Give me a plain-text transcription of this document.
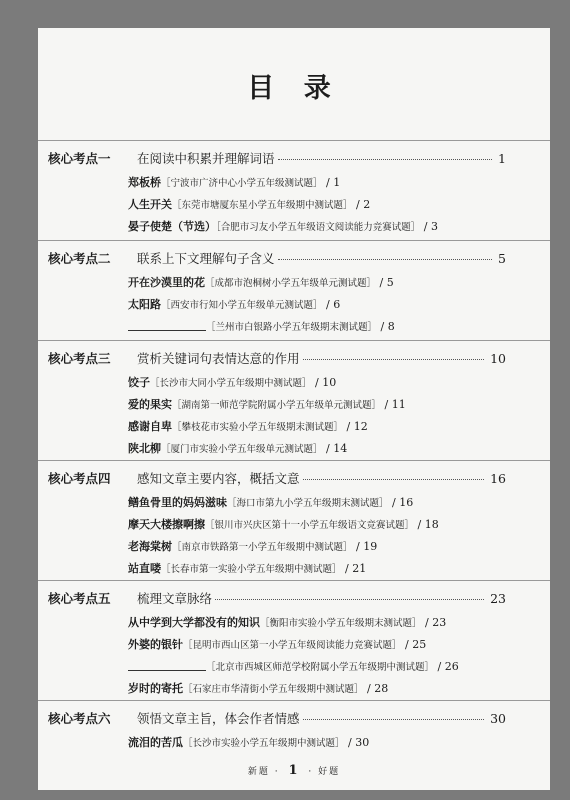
目 录
核心考点一 在阅读中积累并理解词语	1
郑板桥［宁波市广济中心小学五年级测试题］ / 1
人生开关［东莞市塘厦东星小学五年级期中测试题］ / 2
晏子使楚（节选）［合肥市习友小学五年级语文阅读能力竞赛试题］ / 3
核心考点二 联系上下文理解句子含义	5
开在沙漠里的花［成都市泡桐树小学五年级单元测试题］ / 5
太阳路［西安市行知小学五年级单元测试题］ / 6
［兰州市白银路小学五年级期末测试题］ / 8
核心考点三 赏析关键词句表情达意的作用	10
饺子［长沙市大同小学五年级期中测试题］ / 10
爱的果实［湖南第一师范学院附属小学五年级单元测试题］ / 11
感谢自卑［攀枝花市实验小学五年级期末测试题］ / 12
陕北柳［厦门市实验小学五年级单元测试题］ / 14
核心考点四 感知文章主要内容，概括文意	16
鳝鱼骨里的妈妈滋味［海口市第九小学五年级期末测试题］ / 16
摩天大楼擦啊擦［银川市兴庆区第十一小学五年级语文竞赛试题］ / 18
老海棠树［南京市铁路第一小学五年级期中测试题］ / 19
站直喽［长春市第一实验小学五年级期中测试题］ / 21
核心考点五 梳理文章脉络	23
从中学到大学都没有的知识［衡阳市实验小学五年级期末测试题］ / 23
外婆的银针［昆明市西山区第一小学五年级阅读能力竞赛试题］ / 25
［北京市西城区师范学校附属小学五年级期中测试题］ / 26
岁时的寄托［石家庄市华清街小学五年级期中测试题］ / 28
核心考点六 领悟文章主旨，体会作者情感	30
流泪的苦瓜［长沙市实验小学五年级期中测试题］ / 30
新题 · 1 · 好题
